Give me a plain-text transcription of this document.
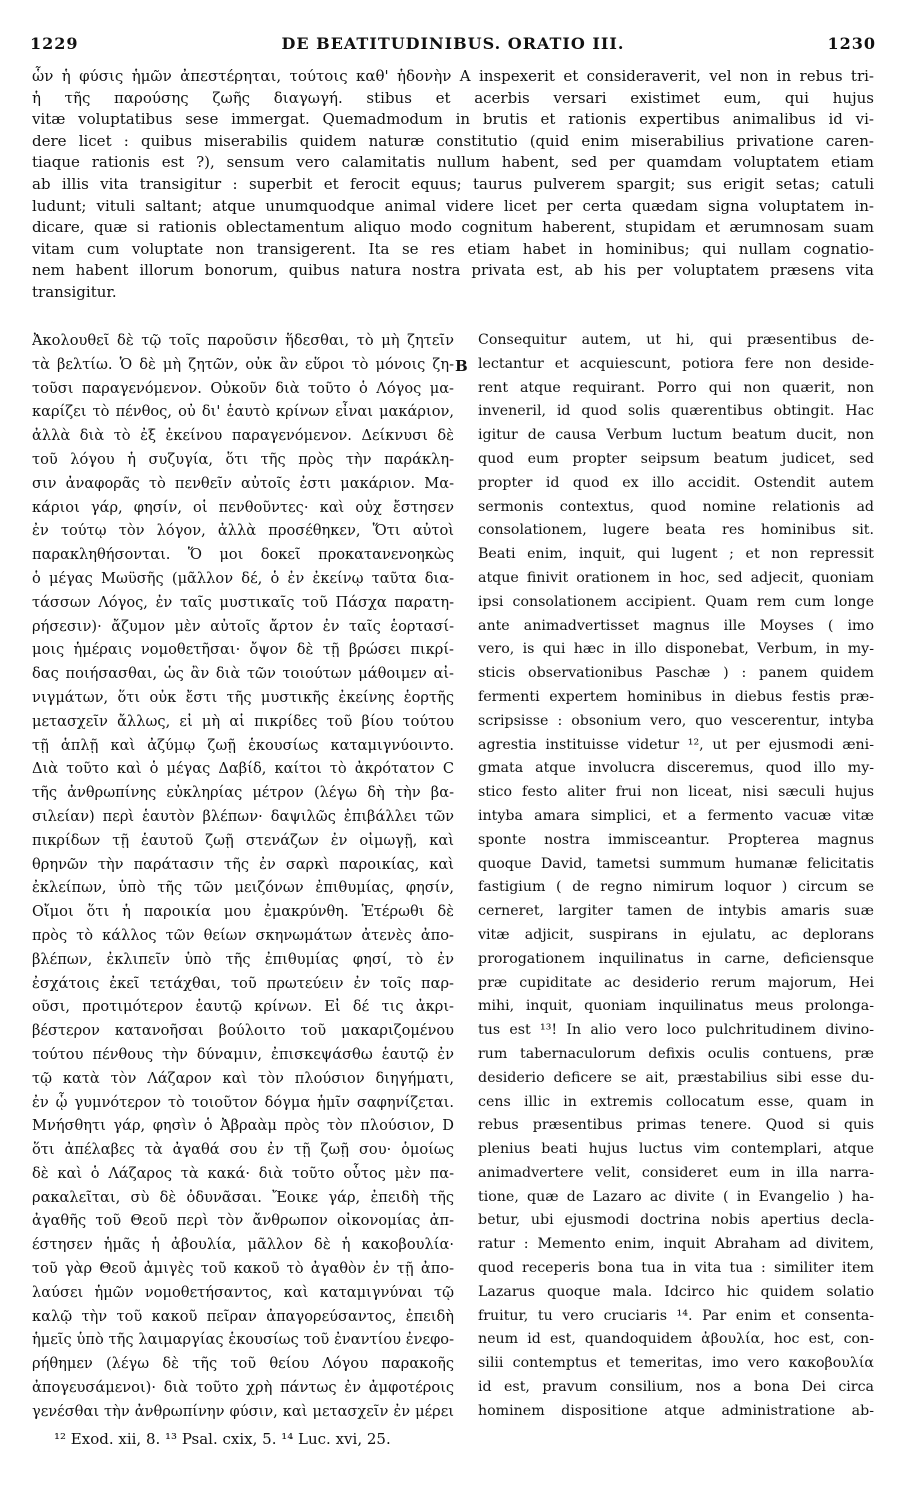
1229	DE BEATITUDINIBUS. ORATIO III.	1230
ὧν ἡ φύσις ἡμῶν ἀπεστέρηται, τούτοις καθ' ἡδονὴν A inspexerit et consideraverit, vel non in rebus tri-
ἡ τῆς παρούσης ζωῆς διαγωγή. stibus et acerbis versari existimet eum, qui hujus
vitæ voluptatibus sese immergat. Quemadmodum in brutis et rationis expertibus animalibus id vi-
dere licet : quibus miserabilis quidem naturæ constitutio (quid enim miserabilius privatione caren-
tiaque rationis est ?), sensum vero calamitatis nullum habent, sed per quamdam voluptatem etiam
ab illis vita transigitur : superbit et ferocit equus; taurus pulverem spargit; sus erigit setas; catuli
ludunt; vituli saltant; atque unumquodque animal videre licet per certa quædam signa voluptatem in-
dicare, quæ si rationis oblectamentum aliquo modo cognitum haberent, stupidam et ærumnosam suam
vitam cum voluptate non transigerent. Ita se res etiam habet in hominibus; qui nullam cognatio-
nem habent illorum bonorum, quibus natura nostra privata est, ab his per voluptatem præsens vita
transigitur.
Ἀκολουθεῖ δὲ τῷ τοῖς παροῦσιν ἥδεσθαι, τὸ μὴ ζητεῖν
τὰ βελτίω. Ὁ δὲ μὴ ζητῶν, οὐκ ἂν εὕροι τὸ μόνοις ζη-
τοῦσι παραγενόμενον. Οὐκοῦν διὰ τοῦτο ὁ Λόγος μα-
καρίζει τὸ πένθος, οὐ δι' ἑαυτὸ κρίνων εἶναι μακάριον,
ἀλλὰ διὰ τὸ ἐξ ἐκείνου παραγενόμενον. Δείκνυσι δὲ
τοῦ λόγου ἡ συζυγία, ὅτι τῆς πρὸς τὴν παράκλη-
σιν ἀναφορᾶς τὸ πενθεῖν αὐτοῖς ἐστι μακάριον. Μα-
κάριοι γάρ, φησίν, οἱ πενθοῦντες· καὶ οὐχ ἔστησεν
ἐν τούτῳ τὸν λόγον, ἀλλὰ προσέθηκεν, Ὅτι αὐτοὶ
παρακληθήσονται. Ὅ μοι δοκεῖ προκατανενοηκὼς
ὁ μέγας Μωϋσῆς (μᾶλλον δέ, ὁ ἐν ἐκείνῳ ταῦτα δια-
τάσσων Λόγος, ἐν ταῖς μυστικαῖς τοῦ Πάσχα παρατη-
ρήσεσιν)· ἄζυμον μὲν αὐτοῖς ἄρτον ἐν ταῖς ἑορτασί-
μοις ἡμέραις νομοθετῆσαι· ὄψον δὲ τῇ βρώσει πικρί-
δας ποιήσασθαι, ὡς ἂν διὰ τῶν τοιούτων μάθοιμεν αἰ-
νιγμάτων, ὅτι οὐκ ἔστι τῆς μυστικῆς ἐκείνης ἑορτῆς
μετασχεῖν ἄλλως, εἰ μὴ αἱ πικρίδες τοῦ βίου τούτου
τῇ ἁπλῇ καὶ ἀζύμῳ ζωῇ ἑκουσίως καταμιγνύοιντο.
Διὰ τοῦτο καὶ ὁ μέγας Δαβίδ, καίτοι τὸ ἀκρότατον C
τῆς ἀνθρωπίνης εὐκληρίας μέτρον (λέγω δὴ τὴν βα-
σιλείαν) περὶ ἑαυτὸν βλέπων· δαψιλῶς ἐπιβάλλει τῶν
πικρίδων τῇ ἑαυτοῦ ζωῇ στενάζων ἐν οἰμωγῇ, καὶ
θρηνῶν τὴν παράτασιν τῆς ἐν σαρκὶ παροικίας, καὶ
ἐκλείπων, ὑπὸ τῆς τῶν μειζόνων ἐπιθυμίας, φησίν,
Οἴμοι ὅτι ἡ παροικία μου ἐμακρύνθη. Ἑτέρωθι δὲ
πρὸς τὸ κάλλος τῶν θείων σκηνωμάτων ἀτενὲς ἀπο-
βλέπων, ἐκλιπεῖν ὑπὸ τῆς ἐπιθυμίας φησί, τὸ ἐν
ἐσχάτοις ἐκεῖ τετάχθαι, τοῦ πρωτεύειν ἐν τοῖς παρ-
οῦσι, προτιμότερον ἑαυτῷ κρίνων. Εἰ δέ τις ἀκρι-
βέστερον κατανοῆσαι βούλοιτο τοῦ μακαριζομένου
τούτου πένθους τὴν δύναμιν, ἐπισκεψάσθω ἑαυτῷ ἐν
τῷ κατὰ τὸν Λάζαρον καὶ τὸν πλούσιον διηγήματι,
ἐν ᾧ γυμνότερον τὸ τοιοῦτον δόγμα ἡμῖν σαφηνίζεται.
Μνήσθητι γάρ, φησὶν ὁ Ἀβραὰμ πρὸς τὸν πλούσιον, D
ὅτι ἀπέλαβες τὰ ἀγαθά σου ἐν τῇ ζωῇ σου· ὁμοίως
δὲ καὶ ὁ Λάζαρος τὰ κακά· διὰ τοῦτο οὗτος μὲν πα-
ρακαλεῖται, σὺ δὲ ὀδυνᾶσαι. Ἔοικε γάρ, ἐπειδὴ τῆς
ἀγαθῆς τοῦ Θεοῦ περὶ τὸν ἄνθρωπον οἰκονομίας ἀπ-
έστησεν ἡμᾶς ἡ ἀβουλία, μᾶλλον δὲ ἡ κακοβουλία·
τοῦ γὰρ Θεοῦ ἀμιγὲς τοῦ κακοῦ τὸ ἀγαθὸν ἐν τῇ ἀπο-
λαύσει ἡμῶν νομοθετήσαντος, καὶ καταμιγνύναι τῷ
καλῷ τὴν τοῦ κακοῦ πεῖραν ἀπαγορεύσαντος, ἐπειδὴ
ἡμεῖς ὑπὸ τῆς λαιμαργίας ἑκουσίως τοῦ ἐναντίου ἐνεφο-
ρήθημεν (λέγω δὲ τῆς τοῦ θείου Λόγου παρακοῆς
ἀπογευσάμενοι)· διὰ τοῦτο χρὴ πάντως ἐν ἀμφοτέροις
γενέσθαι τὴν ἀνθρωπίνην φύσιν, καὶ μετασχεῖν ἐν μέρει
B
Consequitur autem, ut hi, qui præsentibus de-
lectantur et acquiescunt, potiora fere non deside-
rent atque requirant. Porro qui non quærit, non
inveneril, id quod solis quærentibus obtingit. Hac
igitur de causa Verbum luctum beatum ducit, non
quod eum propter seipsum beatum judicet, sed
propter id quod ex illo accidit. Ostendit autem
sermonis contextus, quod nomine relationis ad
consolationem, lugere beata res hominibus sit.
Beati enim, inquit, qui lugent ; et non repressit
atque finivit orationem in hoc, sed adjecit, quoniam
ipsi consolationem accipient. Quam rem cum longe
ante animadvertisset magnus ille Moyses ( imo
vero, is qui hæc in illo disponebat, Verbum, in my-
sticis observationibus Paschæ ) : panem quidem
fermenti expertem hominibus in diebus festis præ-
scripsisse : obsonium vero, quo vescerentur, intyba
agrestia instituisse videtur ¹², ut per ejusmodi æni-
gmata atque involucra disceremus, quod illo my-
stico festo aliter frui non liceat, nisi sæculi hujus
intyba amara simplici, et a fermento vacuæ vitæ
sponte nostra immisceantur. Propterea magnus
quoque David, tametsi summum humanæ felicitatis
fastigium ( de regno nimirum loquor ) circum se
cerneret, largiter tamen de intybis amaris suæ
vitæ adjicit, suspirans in ejulatu, ac deplorans
prorogationem inquilinatus in carne, deficiensque
præ cupiditate ac desiderio rerum majorum, Hei
mihi, inquit, quoniam inquilinatus meus prolonga-
tus est ¹³! In alio vero loco pulchritudinem divino-
rum tabernaculorum defixis oculis contuens, præ
desiderio deficere se ait, præstabilius sibi esse du-
cens illic in extremis collocatum esse, quam in
rebus præsentibus primas tenere. Quod si quis
plenius beati hujus luctus vim contemplari, atque
animadvertere velit, consideret eum in illa narra-
tione, quæ de Lazaro ac divite ( in Evangelio ) ha-
betur, ubi ejusmodi doctrina nobis apertius decla-
ratur : Memento enim, inquit Abraham ad divitem,
quod receperis bona tua in vita tua : similiter item
Lazarus quoque mala. Idcirco hic quidem solatio
fruitur, tu vero cruciaris ¹⁴. Par enim et consenta-
neum id est, quandoquidem ἀβουλία, hoc est, con-
silii contemptus et temeritas, imo vero κακοβουλία
id est, pravum consilium, nos a bona Dei circa
hominem dispositione atque administratione ab-
¹² Exod. xii, 8. ¹³ Psal. cxix, 5. ¹⁴ Luc. xvi, 25.
